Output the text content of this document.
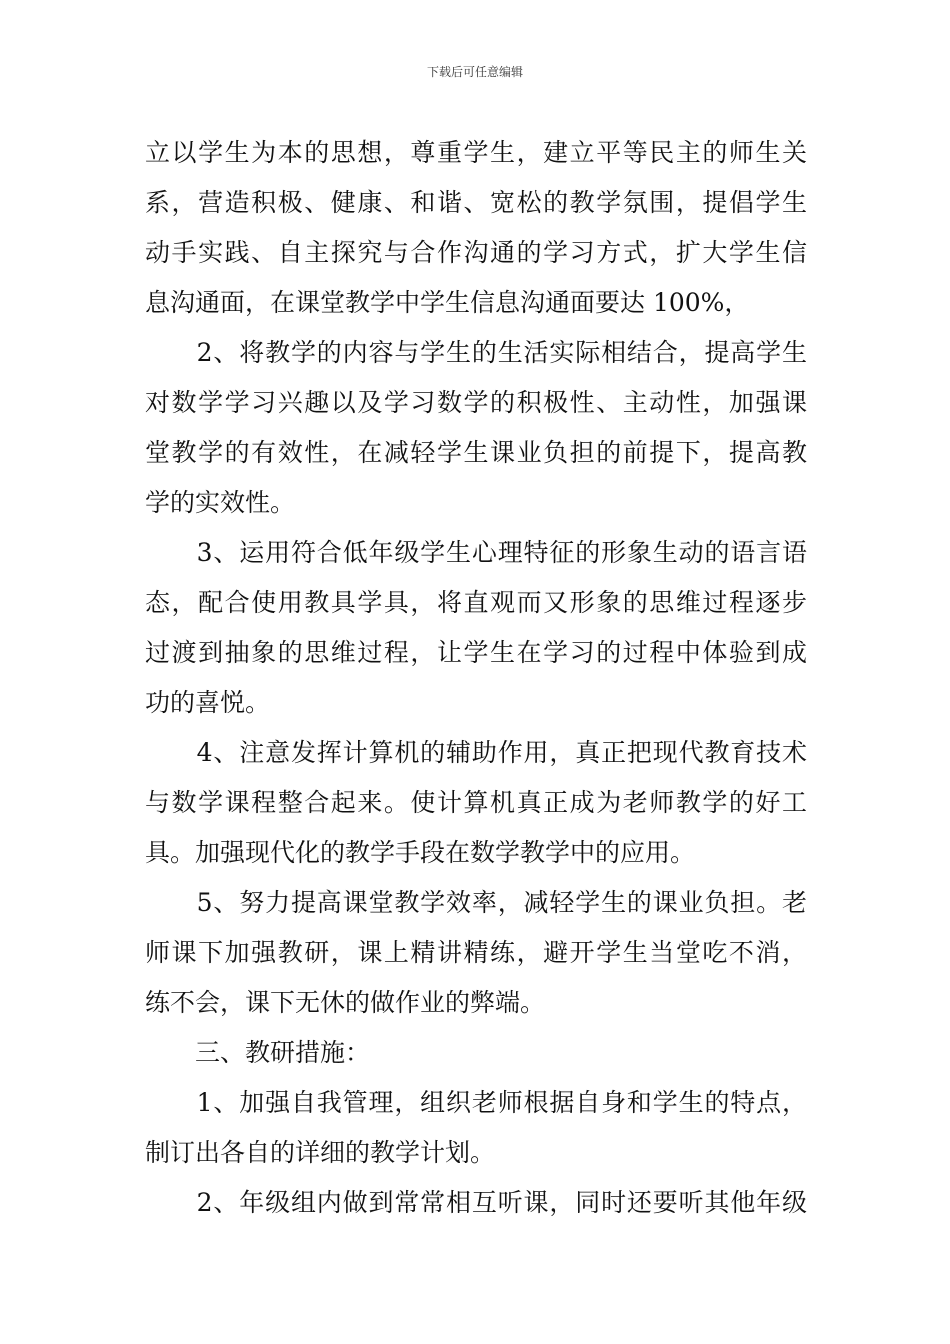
下载后可任意编辑
立以学生为本的思想，尊重学生，建立平等民主的师生关
系，营造积极、健康、和谐、宽松的教学氛围，提倡学生
动手实践、自主探究与合作沟通的学习方式，扩大学生信
息沟通面，在课堂教学中学生信息沟通面要达 100%，
　　2、将教学的内容与学生的生活实际相结合，提高学生
对数学学习兴趣以及学习数学的积极性、主动性，加强课
堂教学的有效性，在减轻学生课业负担的前提下，提高教
学的实效性。
　　3、运用符合低年级学生心理特征的形象生动的语言语
态，配合使用教具学具，将直观而又形象的思维过程逐步
过渡到抽象的思维过程，让学生在学习的过程中体验到成
功的喜悦。
　　4、注意发挥计算机的辅助作用，真正把现代教育技术
与数学课程整合起来。使计算机真正成为老师教学的好工
具。加强现代化的教学手段在数学教学中的应用。
　　5、努力提高课堂教学效率，减轻学生的课业负担。老
师课下加强教研，课上精讲精练，避开学生当堂吃不消，
练不会，课下无休的做作业的弊端。
　　三、教研措施：
　　1、加强自我管理，组织老师根据自身和学生的特点，
制订出各自的详细的教学计划。
　　2、年级组内做到常常相互听课，同时还要听其他年级
